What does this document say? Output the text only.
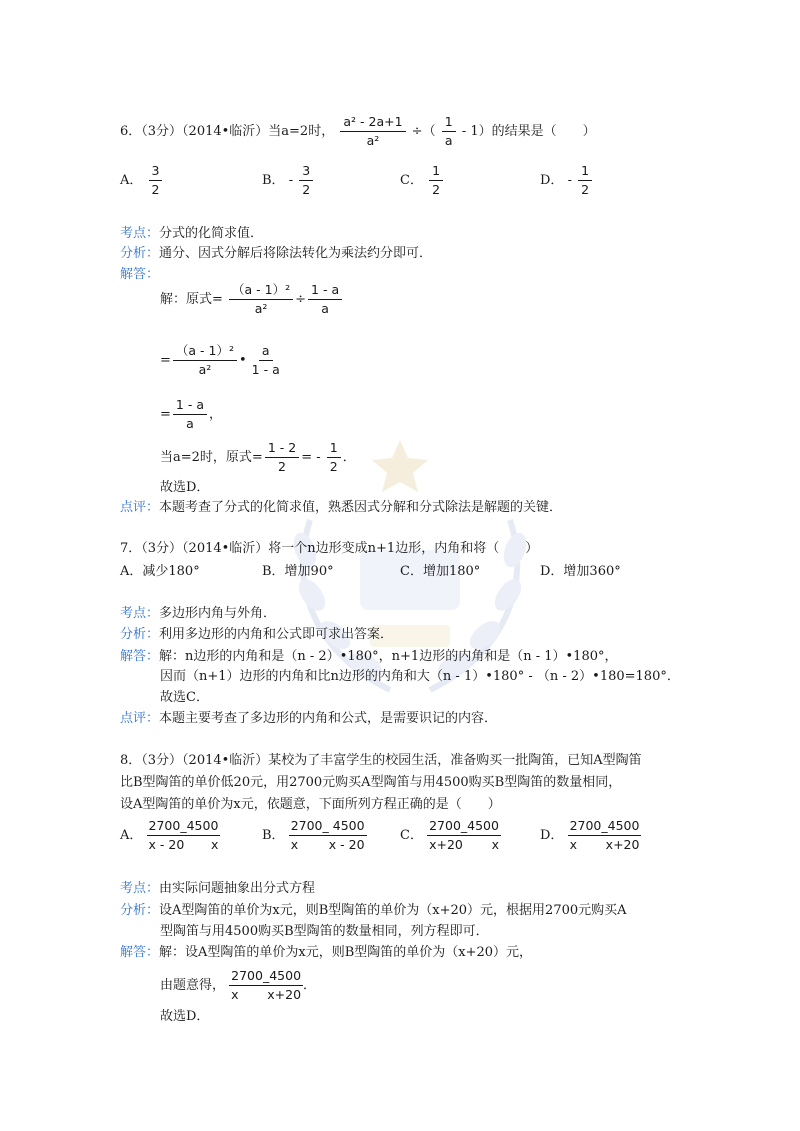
6．（3分）（2014•临沂）当a=2时， $\frac{\text{a² - 2a+1}}{\text{a²}}$ ÷（ $\frac{1}{a} - 1$）的结果是（　　）
A． $\frac{3}{2}$	B． - $\frac{3}{2}$	C． $\frac{1}{2}$	D． - $\frac{1}{2}$
考点：分式的化简求值．
分析：通分、因式分解后将除法转化为乘法约分即可．
解答：
解：原式= $\frac{\text{（a - 1）²}}{\text{a²}} \div \frac{1 - a}{a}$
= $\frac{\text{（a - 1）²}}{\text{a²}}$ • $\frac{a}{1 - a}$
= $\frac{1 - a}{a}$ ，
当a=2时，原式= $\frac{1 - 2}{2}$ = - $\frac{1}{2}$ ．
故选D．
点评：本题考查了分式的化简求值，熟悉因式分解和分式除法是解题的关键．
7．（3分）（2014•临沂）将一个n边形变成n+1边形，内角和将（　　）
A．减少180°	B．增加90°	C．增加180°	D．增加360°
考点：多边形内角与外角．
分析：利用多边形的内角和公式即可求出答案．
解答：解：n边形的内角和是（n - 2）•180°，n+1边形的内角和是（n - 1）•180°，
因而（n+1）边形的内角和比n边形的内角和大（n - 1）•180° - （n - 2）•180=180°．
故选C．
点评：本题主要考查了多边形的内角和公式，是需要识记的内容．
8．（3分）（2014•临沂）某校为了丰富学生的校园生活，准备购买一批陶笛，已知A型陶笛
比B型陶笛的单价低20元，用2700元购买A型陶笛与用4500购买B型陶笛的数量相同，
设A型陶笛的单价为x元，依题意，下面所列方程正确的是（　　）
A． $\frac{2700\_4500}{x - 20 x}$	B． $\frac{2700\_ 4500}{\text{x x - 20}}$	C． $\frac{2700\_4500}{x+20 x}$	D． $\frac{2700\_4500}{\text{x x+20}}$
考点：由实际问题抽象出分式方程
分析：设A型陶笛的单价为x元，则B型陶笛的单价为（x+20）元，根据用2700元购买A
型陶笛与用4500购买B型陶笛的数量相同，列方程即可．
解答：解：设A型陶笛的单价为x元，则B型陶笛的单价为（x+20）元，
由题意得， $\frac{2700\_4500}{\text{x x+20}}$ ．
故选D．
